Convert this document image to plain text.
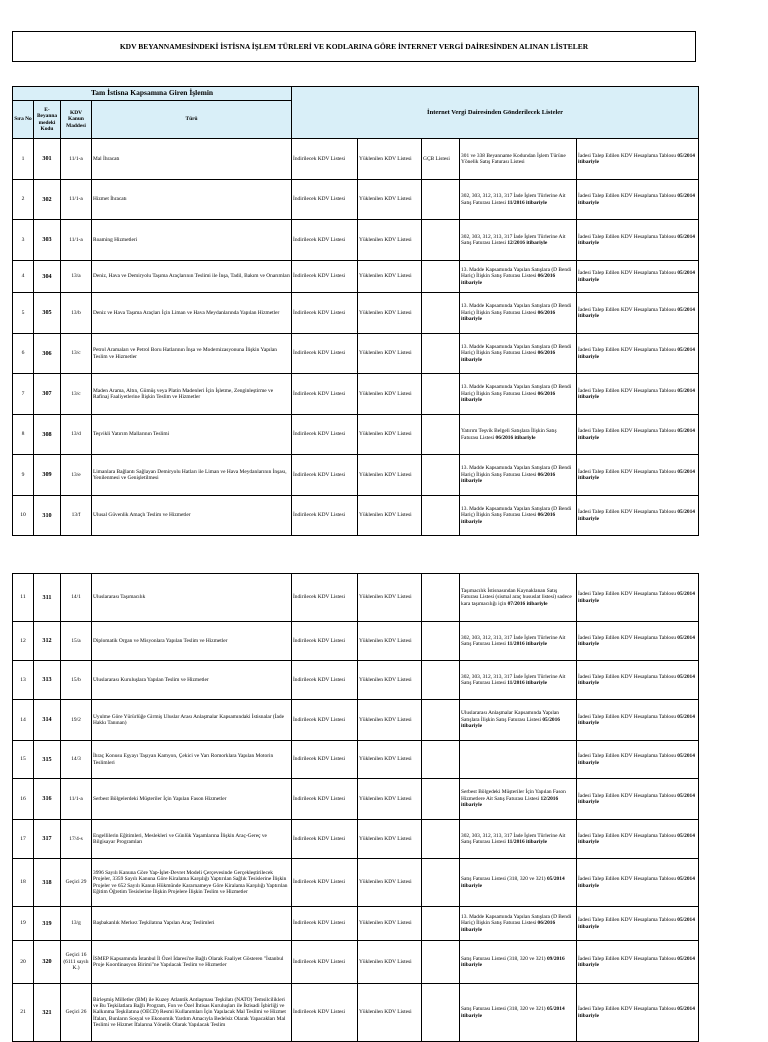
KDV BEYANNAMESİNDEKİ İSTİSNA İŞLEM TÜRLERİ VE KODLARINA GÖRE İNTERNET VERGİ DAİRESİNDEN ALINAN LİSTELER
Tam İstisna Kapsamına Giren İşlemin				İnternet Vergi Dairesinden Gönderilecek Listeler				
Sıra No	E-Beyanna medeki Kodu	KDV Kanun Maddesi	Türü					
1	301	11/1-a	Mal İhracatı	İndirilecek KDV Listesi	Yüklenilen KDV Listesi	GÇB Listesi	301 ve 338 Beyanname Kodundan İşlem Türüne Yönelik Satış Faturası Listesi	İadesi Talep Edilen KDV Hesaplama Tablosu 05/2014 itibariyle
2	302	11/1-a	Hizmet İhracatı	İndirilecek KDV Listesi	Yüklenilen KDV Listesi		302, 303, 312, 313, 317 İade İşlem Türlerine Ait Satış Faturası Listesi 11/2016 itibariyle	İadesi Talep Edilen KDV Hesaplama Tablosu 05/2014 itibariyle
3	303	11/1-a	Roaming Hizmetleri	İndirilecek KDV Listesi	Yüklenilen KDV Listesi		302, 303, 312, 313, 317 İade İşlem Türlerine Ait Satış Faturası Listesi 12/2016 itibariyle	İadesi Talep Edilen KDV Hesaplama Tablosu 05/2014 itibariyle
4	304	13/a	Deniz, Hava ve Demiryolu Taşıma Araçlarının Teslimi ile İnşa, Tadil, Bakım ve Onarımları	İndirilecek KDV Listesi	Yüklenilen KDV Listesi		13. Madde Kapsamında Yapılan Satışlara (D Bendi Hariç) İlişkin Satış Faturası Listesi 06/2016 itibariyle	İadesi Talep Edilen KDV Hesaplama Tablosu 05/2014 itibariyle
5	305	13/b	Deniz ve Hava Taşıma Araçları İçin Liman ve Hava Meydanlarında Yapılan Hizmetler	İndirilecek KDV Listesi	Yüklenilen KDV Listesi		13. Madde Kapsamında Yapılan Satışlara (D Bendi Hariç) İlişkin Satış Faturası Listesi 06/2016 itibariyle	İadesi Talep Edilen KDV Hesaplama Tablosu 05/2014 itibariyle
6	306	13/c	Petrol Aramaları ve Petrol Boru Hatlarının İnşa ve Modernizasyonuna İlişkin Yapılan Teslim ve Hizmetler	İndirilecek KDV Listesi	Yüklenilen KDV Listesi		13. Madde Kapsamında Yapılan Satışlara (D Bendi Hariç) İlişkin Satış Faturası Listesi 06/2016 itibariyle	İadesi Talep Edilen KDV Hesaplama Tablosu 05/2014 itibariyle
7	307	13/c	Maden Arama, Altın, Gümüş veya Platin Madenleri İçin İşletme, Zenginleştirme ve Rafinaj Faaliyetlerine İlişkin Teslim ve Hizmetler	İndirilecek KDV Listesi	Yüklenilen KDV Listesi		13. Madde Kapsamında Yapılan Satışlara (D Bendi Hariç) İlişkin Satış Faturası Listesi 06/2016 itibariyle	İadesi Talep Edilen KDV Hesaplama Tablosu 05/2014 itibariyle
8	308	13/d	Teşvikli Yatırım Mallarının Teslimi	İndirilecek KDV Listesi	Yüklenilen KDV Listesi		Yatırım Teşvik Belgeli Satışlara İlişkin Satış Faturası Listesi 06/2016 itibariyle	İadesi Talep Edilen KDV Hesaplama Tablosu 05/2014 itibariyle
9	309	13/e	Limanlara Bağlantı Sağlayan Demiryolu Hatları ile Liman ve Hava Meydanlarının İnşası, Yenilenmesi ve Genişletilmesi	İndirilecek KDV Listesi	Yüklenilen KDV Listesi		13. Madde Kapsamında Yapılan Satışlara (D Bendi Hariç) İlişkin Satış Faturası Listesi 06/2016 itibariyle	İadesi Talep Edilen KDV Hesaplama Tablosu 05/2014 itibariyle
10	310	13/f	Ulusal Güvenlik Amaçlı Teslim ve Hizmetler	İndirilecek KDV Listesi	Yüklenilen KDV Listesi		13. Madde Kapsamında Yapılan Satışlara (D Bendi Hariç) İlişkin Satış Faturası Listesi 06/2016 itibariyle	İadesi Talep Edilen KDV Hesaplama Tablosu 05/2014 itibariyle
11	311	14/1	Uluslararası Taşımacılık	İndirilecek KDV Listesi	Yüklenilen KDV Listesi		Taşımacılık İstisnasından Kaynaklanan Satış Faturası Listesi (sismal araç hususlat listesi) sadece kara taşımacılığı için 07/2016 itibariyle	İadesi Talep Edilen KDV Hesaplama Tablosu 05/2014 itibariyle
12	312	15/a	Diplomatik Organ ve Misyonlara Yapılan Teslim ve Hizmetler	İndirilecek KDV Listesi	Yüklenilen KDV Listesi		302, 303, 312, 313, 317 İade İşlem Türlerine Ait Satış Faturası Listesi 11/2016 itibariyle	İadesi Talep Edilen KDV Hesaplama Tablosu 05/2014 itibariyle
13	313	15/b	Uluslararası Kuruluşlara Yapılan Teslim ve Hizmetler	İndirilecek KDV Listesi	Yüklenilen KDV Listesi		302, 303, 312, 313, 317 İade İşlem Türlerine Ait Satış Faturası Listesi 11/2016 itibariyle	İadesi Talep Edilen KDV Hesaplama Tablosu 05/2014 itibariyle
14	314	19/2	Uyulme Göre Yürürlüğe Girmiş Uluslar Arası Anlaşmalar Kapsamındaki İstisnalar (İade Hakkı Tanınan)	İndirilecek KDV Listesi	Yüklenilen KDV Listesi		Uluslararası Anlaşmalar Kapsamında Yapılan Satışlara İlişkin Satış Faturası Listesi 05/2016 itibariyle	İadesi Talep Edilen KDV Hesaplama Tablosu 05/2014 itibariyle
15	315	14/3	İhraç Konusu Eşyayı Taşıyan Kamyon, Çekici ve Yarı Romorklara Yapılan Motorin Teslimleri	İndirilecek KDV Listesi	Yüklenilen KDV Listesi			İadesi Talep Edilen KDV Hesaplama Tablosu 05/2014 itibariyle
16	316	11/1-a	Serbest Bölgelerdeki Müşteriler İçin Yapılan Fason Hizmetler	İndirilecek KDV Listesi	Yüklenilen KDV Listesi		Serbest Bölgedeki Müşteriler İçin Yapılan Fason Hizmetlere Ait Satış Faturası Listesi 12/2016 itibariyle	İadesi Talep Edilen KDV Hesaplama Tablosu 05/2014 itibariyle
17	317	17/4-s	Engellilerin Eğitimleri, Meslekleri ve Günlük Yaşamlarına İlişkin Araç-Gereç ve Bilgisayar Programları	İndirilecek KDV Listesi	Yüklenilen KDV Listesi		302, 303, 312, 313, 317 İade İşlem Türlerine Ait Satış Faturası Listesi 11/2016 itibariyle	İadesi Talep Edilen KDV Hesaplama Tablosu 05/2014 itibariyle
18	318	Geçici 29	3996 Sayılı Kanuna Göre Yap-İşlet-Devret Modeli Çerçevesinde Gerçekleştirilecek Projeler, 3359 Sayılı Kanuna Göre Kiralama Karşılığı Yaptırılan Sağlık Tesislerine İlişkin Projeler ve 652 Sayılı Kanun Hükmünde Kararnameye Göre Kiralama Karşılığı Yaptırılan Eğitim Öğretim Tesislerine İlişkin Projelere İlişkin Teslim ve Hizmetler	İndirilecek KDV Listesi	Yüklenilen KDV Listesi		Satış Faturası Listesi (318, 320 ve 321) 05/2014 itibariyle	İadesi Talep Edilen KDV Hesaplama Tablosu 05/2014 itibariyle
19	319	13/g	Başbakanlık Merkez Teşkilatına Yapılan Araç Teslimleri	İndirilecek KDV Listesi	Yüklenilen KDV Listesi		13. Madde Kapsamında Yapılan Satışlara (D Bendi Hariç) İlişkin Satış Faturası Listesi 06/2016 itibariyle	İadesi Talep Edilen KDV Hesaplama Tablosu 05/2014 itibariyle
20	320	Geçici 16 (6111 sayılı K.)	İSMEP Kapsamında İstanbul İl Özel İdaresi'ne Bağlı Olarak Faaliyet Gösteren "İstanbul Proje Koordinasyon Birimi"ne Yapılacak Teslim ve Hizmetler	İndirilecek KDV Listesi	Yüklenilen KDV Listesi		Satış Faturası Listesi (318, 320 ve 321) 09/2016 itibariyle	İadesi Talep Edilen KDV Hesaplama Tablosu 05/2014 itibariyle
21	321	Geçici 26	Birleşmiş Milletler (BM) ile Kuzey Atlantik Antlaşması Teşkilatı (NATO) Temsilcilikleri ve Bu Teşkilatlara Bağlı Program, Fon ve Özel İhtisas Kuruluşları ile İktisadi İşbirliği ve Kalkınma Teşkilatına (OECD) Resmi Kullanımları İçin Yapılacak Mal Teslimi ve Hizmet İfaları, Bunların Sosyal ve Ekonomik Yardım Amacıyla Bedelsiz Olarak Yapacakları Mal Teslimi ve Hizmet İfalarına Yönelik Olarak Yapılacak Teslim	İndirilecek KDV Listesi	Yüklenilen KDV Listesi		Satış Faturası Listesi (318, 320 ve 321) 05/2014 itibariyle	İadesi Talep Edilen KDV Hesaplama Tablosu 05/2014 itibariyle
